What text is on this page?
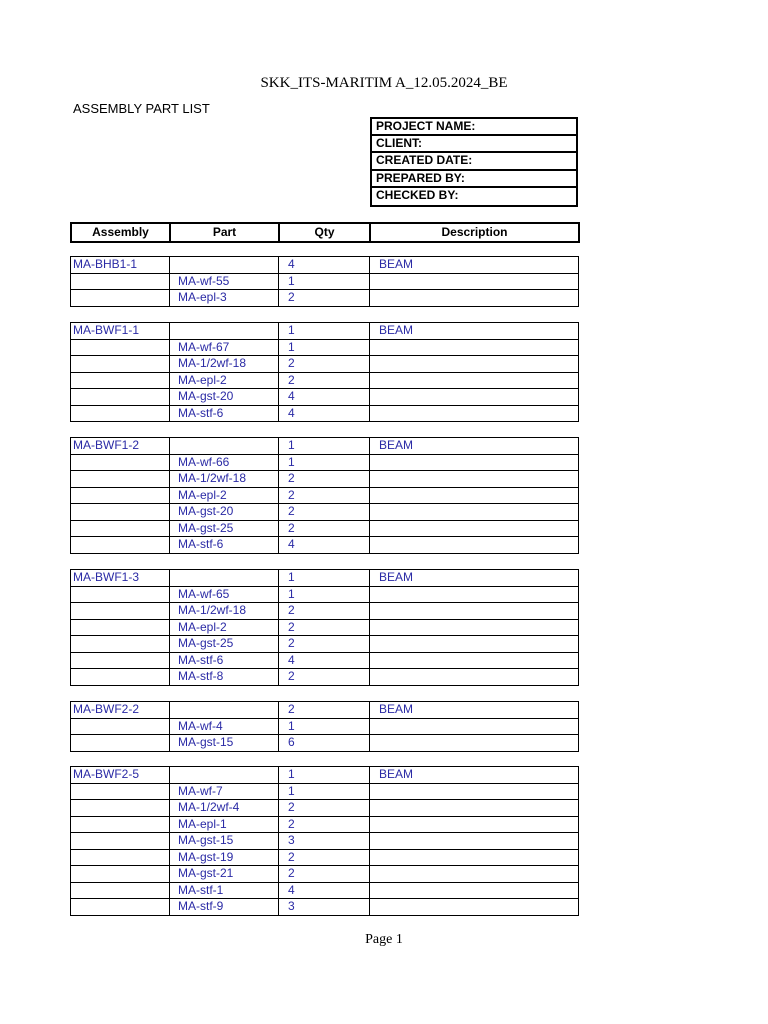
SKK_ITS-MARITIM A_12.05.2024_BE
ASSEMBLY PART LIST
PROJECT NAME:
CLIENT:
CREATED DATE:
PREPARED BY:
CHECKED BY:
Assembly	Part	Qty	Description
MA-BHB1-1		4	BEAM
	MA-wf-55	1	
	MA-epl-3	2	
MA-BWF1-1		1	BEAM
	MA-wf-67	1	
	MA-1/2wf-18	2	
	MA-epl-2	2	
	MA-gst-20	4	
	MA-stf-6	4	
MA-BWF1-2		1	BEAM
	MA-wf-66	1	
	MA-1/2wf-18	2	
	MA-epl-2	2	
	MA-gst-20	2	
	MA-gst-25	2	
	MA-stf-6	4	
MA-BWF1-3		1	BEAM
	MA-wf-65	1	
	MA-1/2wf-18	2	
	MA-epl-2	2	
	MA-gst-25	2	
	MA-stf-6	4	
	MA-stf-8	2	
MA-BWF2-2		2	BEAM
	MA-wf-4	1	
	MA-gst-15	6	
MA-BWF2-5		1	BEAM
	MA-wf-7	1	
	MA-1/2wf-4	2	
	MA-epl-1	2	
	MA-gst-15	3	
	MA-gst-19	2	
	MA-gst-21	2	
	MA-stf-1	4	
	MA-stf-9	3	
Page 1
